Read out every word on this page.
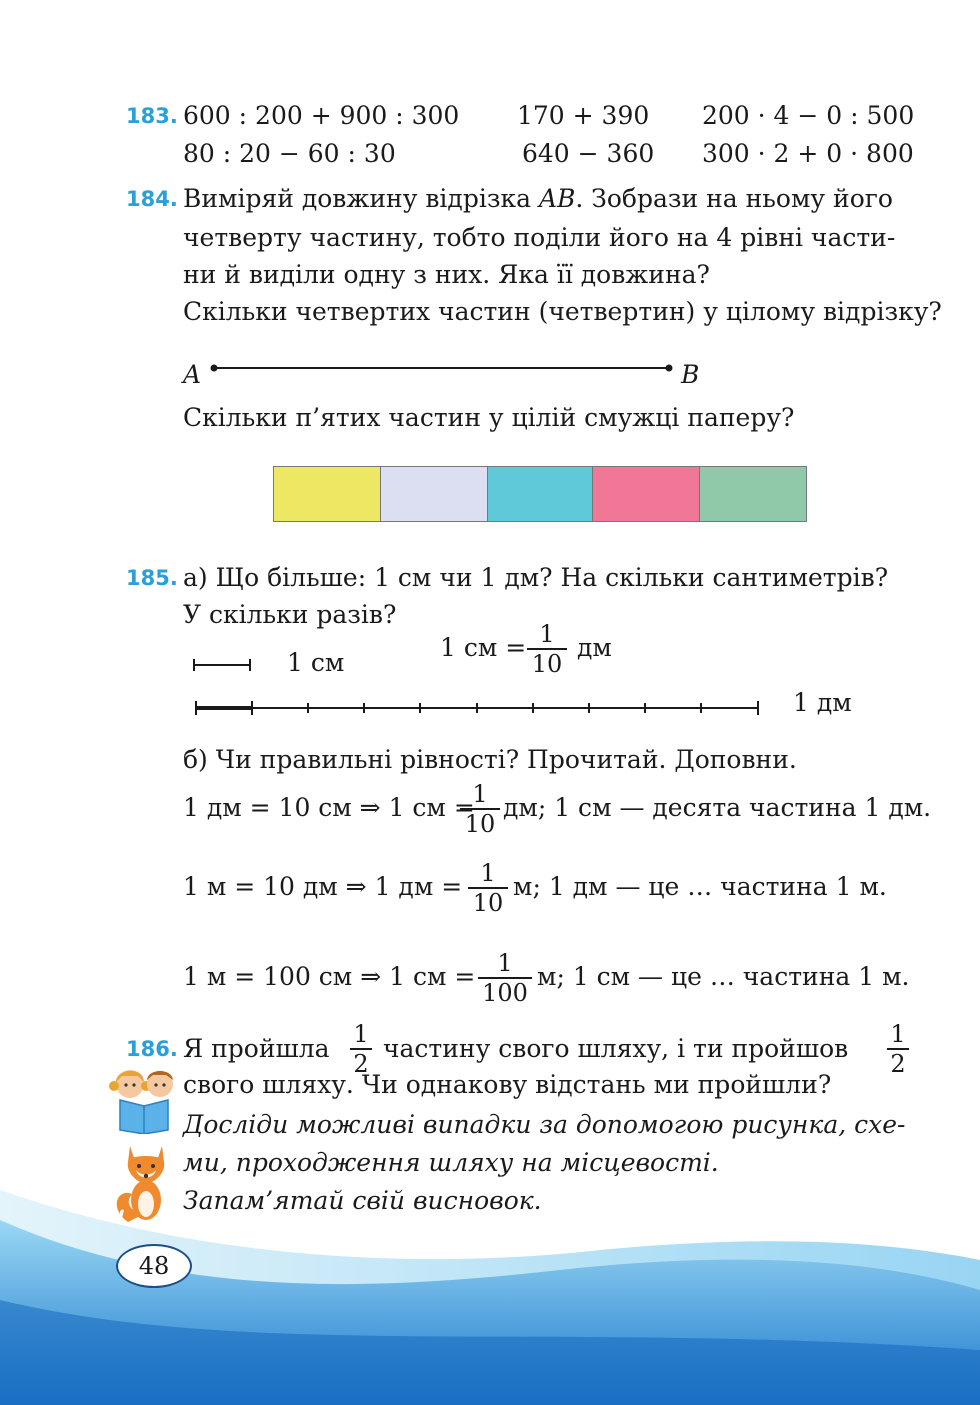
183. 600 : 200 + 900 : 300 170 + 390 200 · 4 − 0 : 500
80 : 20 − 60 : 30	640 − 360 300 · 2 + 0 · 800
184. Виміряй довжину відрізка AB. Зобрази на ньому його
четверту частину, тобто поділи його на 4 рівні части-
ни й виділи одну з них. Яка її довжина?
Скільки четвертих частин (четвертин) у цілому відрізку?
A	B
Скільки п’ятих частин у цілій смужці паперу?
185. а) Що більше: 1 см чи 1 дм? На скільки сантиметрів?
У скільки разів?
1 см
1 см = 1
10
дм
1 дм
б) Чи правильні рівності? Прочитай. Доповни.
1 дм = 10 см ⇒ 1 см =
1
10
дм; 1 см — десята частина 1 дм.
1 м = 10 дм ⇒ 1 дм = 1
10
м; 1 дм — це … частина 1 м.
1 м = 100 см ⇒ 1 см = 1
100
м; 1 см — це … частина 1 м.
186. Я пройшла 1
2
частину свого шляху, і ти пройшов 1
2
свого шляху. Чи однакову відстань ми пройшли?
Досліди можливі випадки за допомогою рисунка, схе-
ми, проходження шляху на місцевості.
Запам’ятай свій висновок.
48
